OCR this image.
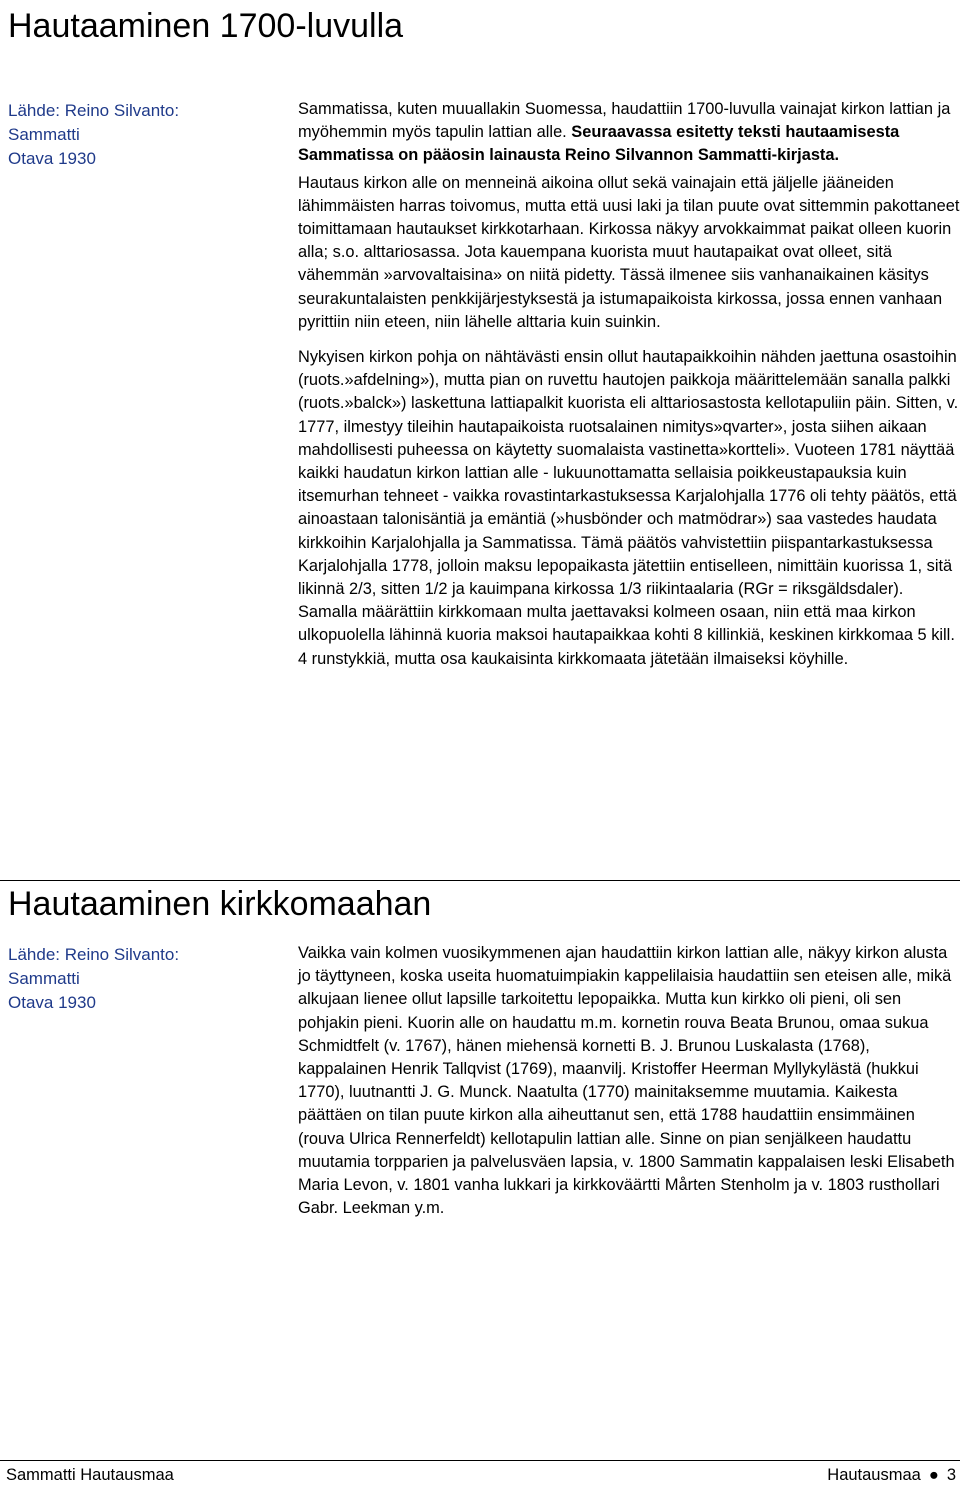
Hautaaminen 1700-luvulla
Lähde: Reino Silvanto:
Sammatti
Otava 1930

Sammatissa, kuten muuallakin Suomessa, haudattiin 1700-luvulla vainajat kirkon lattian ja myöhemmin myös tapulin lattian alle. Seuraavassa esitetty teksti hautaamisesta Sammatissa on pääosin lainausta Reino Silvannon Sammatti-kirjasta.

Hautaus kirkon alle on menneinä aikoina ollut sekä vainajain että jäljelle jääneiden lähimmäisten harras toivomus, mutta että uusi laki ja tilan puute ovat sittemmin pakottaneet toimittamaan hautaukset kirkkotarhaan. Kirkossa näkyy arvokkaimmat paikat olleen kuorin alla; s.o. alttariosassa. Jota kauempana kuorista muut hautapaikat ovat olleet, sitä vähemmän »arvovaltaisina» on niitä pidetty. Tässä ilmenee siis vanhanaikainen käsitys seurakuntalaisten penkkijärjestyksestä ja istumapaikoista kirkossa, jossa ennen vanhaan pyrittiin niin eteen, niin lähelle alttaria kuin suinkin.

Nykyisen kirkon pohja on nähtävästi ensin ollut hautapaikkoihin nähden jaettuna osastoihin (ruots.»afdelning»), mutta pian on ruvettu hautojen paikkoja määrittelemään sanalla palkki (ruots.»balck») laskettuna lattiapalkit kuorista eli alttariosastosta kellotapuliin päin. Sitten, v. 1777, ilmestyy tileihin hautapaikoista ruotsalainen nimitys»qvarter», josta siihen aikaan mahdollisesti puheessa on käytetty suomalaista vastinetta»kortteli». Vuoteen 1781 näyttää kaikki haudatun kirkon lattian alle - lukuunottamatta sellaisia poikkeustapauksia kuin itsemurhan tehneet - vaikka rovastintarkastuksessa Karjalohjalla 1776 oli tehty päätös, että ainoastaan talonisäntiä ja emäntiä (»husbönder och matmödrar») saa vastedes haudata kirkkoihin Karjalohjalla ja Sammatissa. Tämä päätös vahvistettiin piispantarkastuksessa Karjalohjalla 1778, jolloin maksu lepopaikasta jätettiin entiselleen, nimittäin kuorissa 1, sitä likinnä 2/3, sitten 1/2 ja kauimpana kirkossa 1/3 riikintaalaria (RGr = riksgäldsdaler). Samalla määrättiin kirkkomaan multa jaettavaksi kolmeen osaan, niin että maa kirkon ulkopuolella lähinnä kuoria maksoi hautapaikkaa kohti 8 killinkiä, keskinen kirkkomaa 5 kill. 4 runstykkiä, mutta osa kaukaisinta kirkkomaata jätetään ilmaiseksi köyhille.

Hautaaminen kirkkomaahan
Lähde: Reino Silvanto:
Sammatti
Otava 1930

Vaikka vain kolmen vuosikymmenen ajan haudattiin kirkon lattian alle, näkyy kirkon alusta jo täyttyneen, koska useita huomatuimpiakin kappelilaisia haudattiin sen eteisen alle, mikä alkujaan lienee ollut lapsille tarkoitettu lepopaikka. Mutta kun kirkko oli pieni, oli sen pohjakin pieni. Kuorin alle on haudattu m.m. kornetin rouva Beata Brunou, omaa sukua Schmidtfelt (v. 1767), hänen miehensä kornetti B. J. Brunou Luskalasta (1768), kappalainen Henrik Tallqvist (1769), maanvilj. Kristoffer Heerman Myllykylästä (hukkui 1770), luutnantti J. G. Munck. Naatulta (1770) mainitaksemme muutamia. Kaikesta päättäen on tilan puute kirkon alla aiheuttanut sen, että 1788 haudattiin ensimmäinen (rouva Ulrica Rennerfeldt) kellotapulin lattian alle. Sinne on pian senjälkeen haudattu muutamia torpparien ja palvelusväen lapsia, v. 1800 Sammatin kappalaisen leski Elisabeth Maria Levon, v. 1801 vanha lukkari ja kirkkoväärtti Mårten Stenholm ja v. 1803 rusthollari Gabr. Leekman y.m.

Sammatti Hautausmaa	Hautausmaa ● 3
